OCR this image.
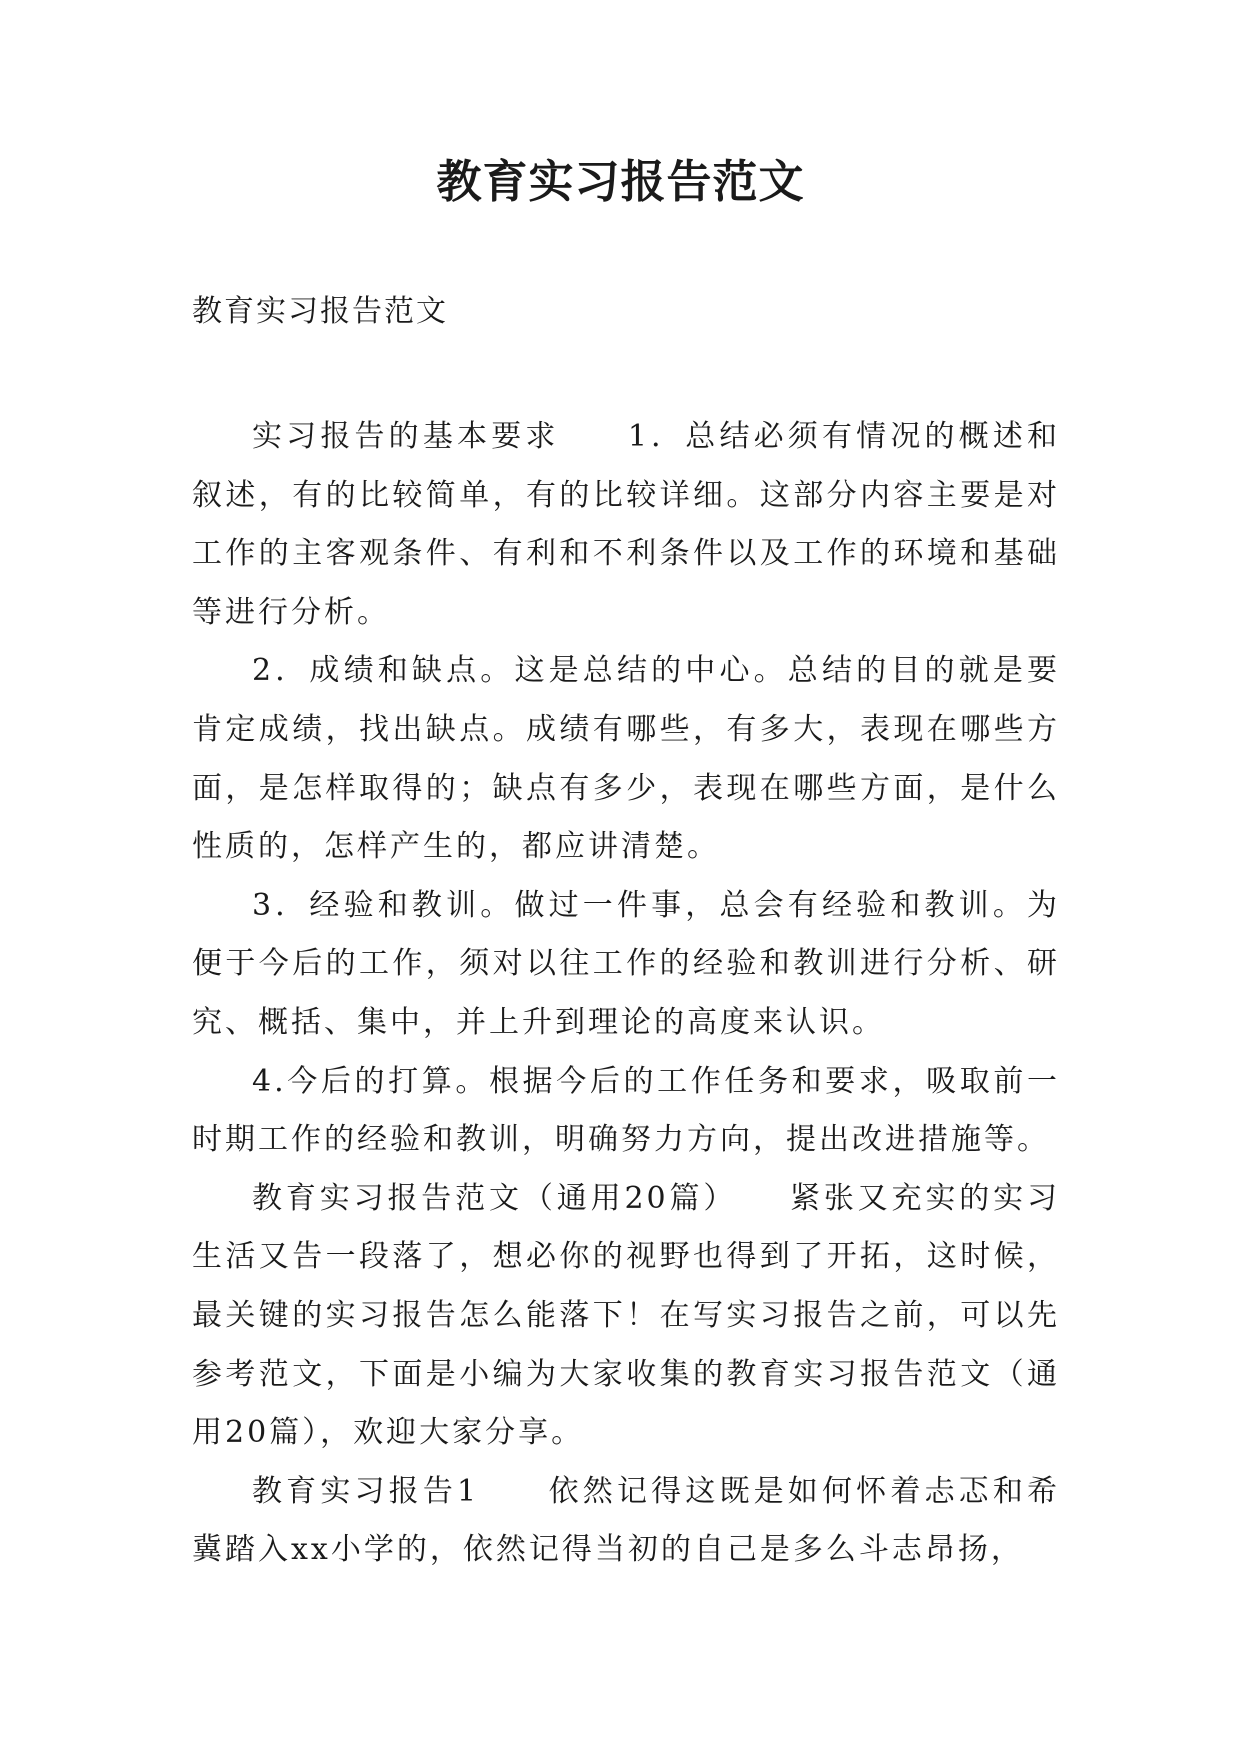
教育实习报告范文

教育实习报告范文

实习报告的基本要求　　1．总结必须有情况的概述和叙述，有的比较简单，有的比较详细。这部分内容主要是对工作的主客观条件、有利和不利条件以及工作的环境和基础等进行分析。

2．成绩和缺点。这是总结的中心。总结的目的就是要肯定成绩，找出缺点。成绩有哪些，有多大，表现在哪些方面，是怎样取得的；缺点有多少，表现在哪些方面，是什么性质的，怎样产生的，都应讲清楚。

3．经验和教训。做过一件事，总会有经验和教训。为便于今后的工作，须对以往工作的经验和教训进行分析、研究、概括、集中，并上升到理论的高度来认识。

4.今后的打算。根据今后的工作任务和要求，吸取前一时期工作的经验和教训，明确努力方向，提出改进措施等。

教育实习报告范文（通用20篇）　　紧张又充实的实习生活又告一段落了，想必你的视野也得到了开拓，这时候，最关键的实习报告怎么能落下！在写实习报告之前，可以先参考范文，下面是小编为大家收集的教育实习报告范文（通用20篇），欢迎大家分享。

教育实习报告1　　依然记得这既是如何怀着忐忑和希冀踏入xx小学的，依然记得当初的自己是多么斗志昂扬，
